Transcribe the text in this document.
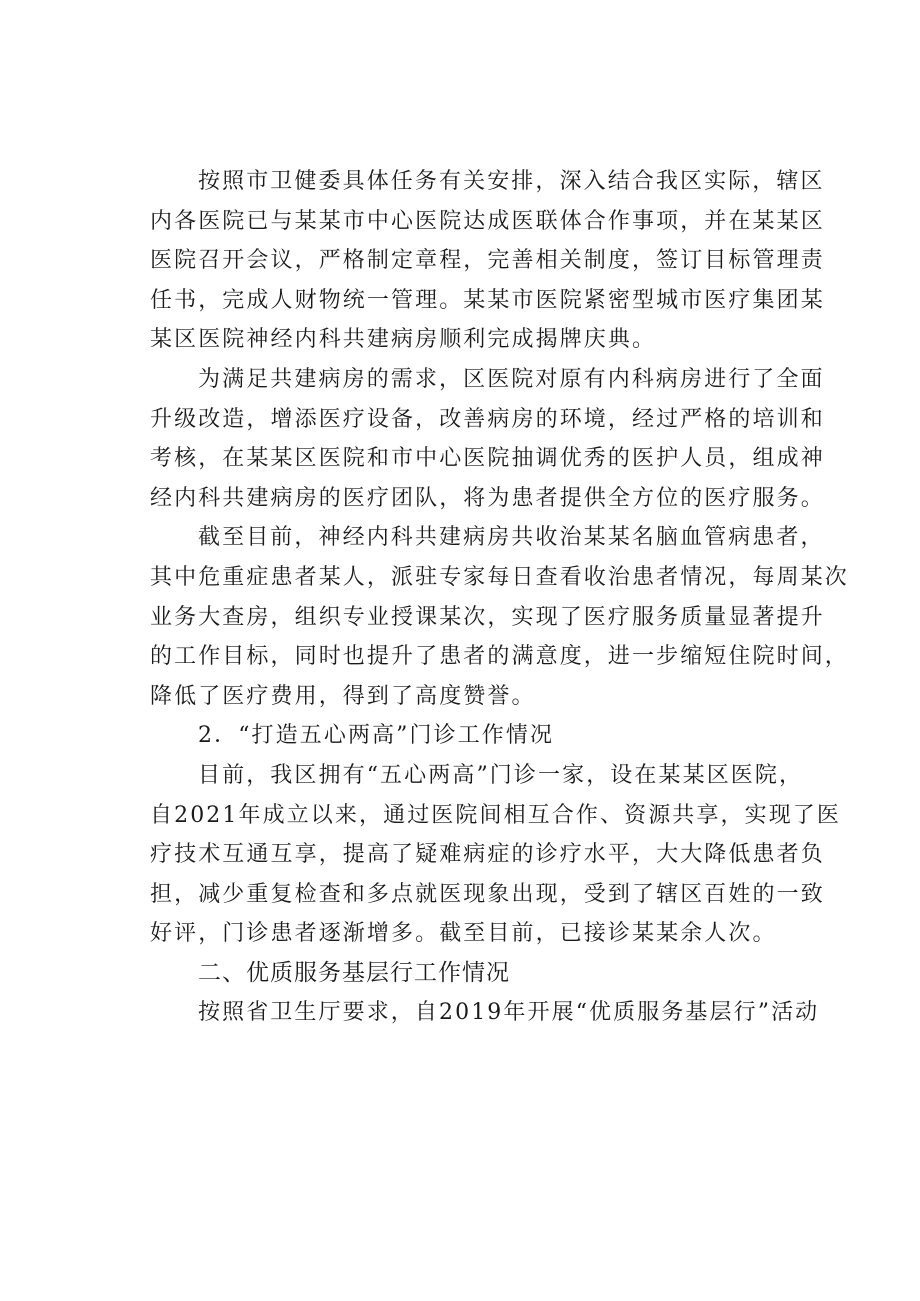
按照市卫健委具体任务有关安排，深入结合我区实际，辖区
内各医院已与某某市中心医院达成医联体合作事项，并在某某区
医院召开会议，严格制定章程，完善相关制度，签订目标管理责
任书，完成人财物统一管理。某某市医院紧密型城市医疗集团某
某区医院神经内科共建病房顺利完成揭牌庆典。
为满足共建病房的需求，区医院对原有内科病房进行了全面
升级改造，增添医疗设备，改善病房的环境，经过严格的培训和
考核，在某某区医院和市中心医院抽调优秀的医护人员，组成神
经内科共建病房的医疗团队，将为患者提供全方位的医疗服务。
截至目前，神经内科共建病房共收治某某名脑血管病患者，
其中危重症患者某人，派驻专家每日查看收治患者情况，每周某次
业务大查房，组织专业授课某次，实现了医疗服务质量显著提升
的工作目标，同时也提升了患者的满意度，进一步缩短住院时间，
降低了医疗费用，得到了高度赞誉。
2．“打造五心两高”门诊工作情况
目前，我区拥有“五心两高”门诊一家，设在某某区医院，
自2021年成立以来，通过医院间相互合作、资源共享，实现了医
疗技术互通互享，提高了疑难病症的诊疗水平，大大降低患者负
担，减少重复检查和多点就医现象出现，受到了辖区百姓的一致
好评，门诊患者逐渐增多。截至目前，已接诊某某余人次。
二、优质服务基层行工作情况
按照省卫生厅要求，自2019年开展“优质服务基层行”活动
